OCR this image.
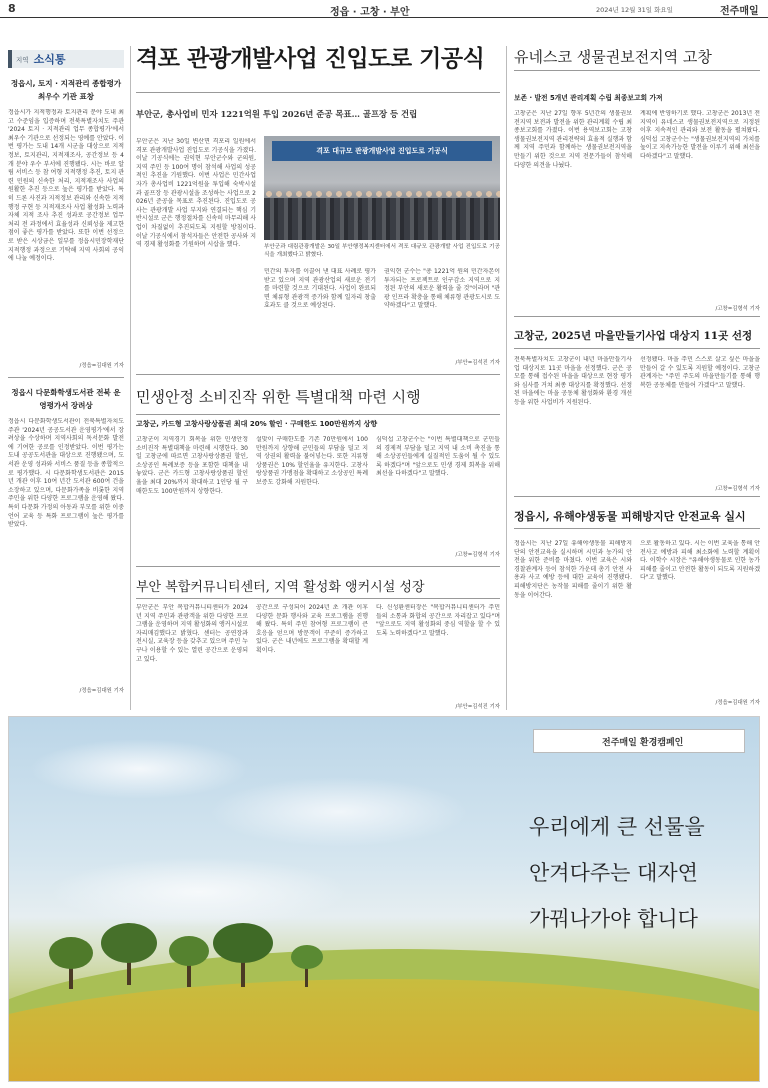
8	정읍 · 고창 · 부안	2024년 12월 31일 화요일	전주매일
지역 소식통
정읍시, 토지 · 지적관리 종합평가 최우수 기관 표창
정읍시가 지적행정과 토지관리 분야 도내 최고 수준임을 입증하며 전북특별자치도 주관 '2024 토지 · 지적관리 업무 종합평가'에서 최우수 기관으로 선정되는 영예를 안았다. 이번 평가는 도내 14개 시군을 대상으로 지적 정보, 토지관리, 지적재조사, 공간정보 등 4개 분야 우수 부서에 진행됐다. 시는 바로 알림 서비스 등 참 여형 지적행정 추진, 토지 관련 민원의 신속한 처리, 지적재조사 사업의 원활한 추진 등으로 높은 평가를 받았다. 특히 드론 사진과 지적정보 관리와 신속한 지적행정 구현 등 지적재조사 사업 활성화 노력과 자체 지적 조사 추진 성과로 공간정보 업무 처리 전 과정에서 효율성과 신뢰성을 제고한 점이 좋은 평가를 받았다. 또한 이번 선정으로 받은 시상금은 일부를 정읍시민장학재단 지적행정 과정으로 기탁해 지역 사회의 공익에 나눌 예정이다.
/정읍=김대원 기자
정읍시 다문화학생도서관 전북 운영평가서 장려상
정읍시 다문화학생도서관이 전북특별자치도 주관 '2024년 공공도서관 운영평가'에서 장려상을 수상하며 지역사회의 독서문화 발전에 기여한 공로를 인정받았다. 이번 평가는 도내 공공도서관을 대상으로 진행됐으며, 도서관 운영 성과와 서비스 품질 등을 종합적으로 평가했다. 시 다문화학생도서관은 2015년 개관 이후 10여 년간 도서관 600여 건을 소장하고 있으며, 다문화가족을 비롯한 지역 주민을 위한 다양한 프로그램을 운영해 왔다. 특히 다문화 가정의 아동과 부모를 위한 이중언어 교육 등 특화 프로그램이 높은 평가를 받았다.
/정읍=김대원 기자
격포 관광개발사업 진입도로 기공식
부안군, 총사업비 민자 1221억원 투입 2026년 준공 목표… 골프장 등 건립
부안군은 지난 30일 변산면 격포리 일원에서 격포 관광개발사업 진입도로 기공식을 가졌다. 이날 기공식에는 권익현 부안군수와 군의원, 지역 주민 등 100여 명이 참석해 사업의 성공적인 추진을 기원했다. 이번 사업은 민간사업자가 총사업비 1221억원을 투입해 숙박시설과 골프장 등 관광시설을 조성하는 사업으로 2026년 준공을 목표로 추진된다. 진입도로 공사는 관광개발 사업 부지와 연결되는 핵심 기반시설로 군은 행정절차를 신속히 마무리해 사업이 차질없이 추진되도록 지원할 방침이다. 이날 기공식에서 참석자들은 안전한 공사와 지역 경제 활성화를 기원하며 시삽을 했다.
격포 대규모 관광개발사업 진입도로 기공식
부안군과 대림관광개발은 30일 부안행정복지센터에서 격포 대규모 관광개발 사업 진입도로 기공식을 개최했다고 밝혔다.
민간의 투자를 이끌어 낸 대표 사례로 평가받고 있으며 지역 관광산업의 새로운 전기를 마련할 것으로 기대된다. 사업이 완료되면 체류형 관광객 증가와 함께 일자리 창출 효과도 클 것으로 예상된다.
권익현 군수는 "총 1221억 원의 민간자본이 투자되는 프로젝트로 인구감소 지역으로 지정된 부안의 새로운 활력을 줄 것"이라며 "관광 인프라 확충을 통해 체류형 관광도시로 도약하겠다"고 말했다.
/부안=김석진 기자
민생안정 소비진작 위한 특별대책 마련 시행
고창군, 카드형 고창사랑상품권 최대 20% 할인 · 구매한도 100만원까지 상향
고창군이 지역경기 회복을 위한 민생안정 소비진작 특별대책을 마련해 시행한다. 30일 고창군에 따르면 고창사랑상품권 할인, 소상공인 특례보증 등을 포함한 대책을 내놓았다. 군은 카드형 고창사랑상품권 할인율을 최대 20%까지 확대하고 1인당 월 구매한도도 100만원까지 상향한다.
설맞이 구매한도를 기존 70만원에서 100만원까지 상향해 군민들의 부담을 덜고 지역 상권의 활력을 불어넣는다. 또한 지류형 상품권은 10% 할인율을 유지한다. 고창사랑상품권 가맹점을 확대하고 소상공인 특례보증도 강화해 지원한다.
심덕섭 고창군수는 "이번 특별대책으로 군민들의 경제적 부담을 덜고 지역 내 소비 촉진을 통해 소상공인들에게 실질적인 도움이 될 수 있도록 하겠다"며 "앞으로도 민생 경제 회복을 위해 최선을 다하겠다"고 말했다.
/고창=김형석 기자
부안 복합커뮤니티센터, 지역 활성화 앵커시설 성장
부안군은 부안 복합커뮤니티센터가 2024년 지역 주민과 관광객을 위한 다양한 프로그램을 운영하며 지역 활성화의 앵커시설로 자리매김했다고 밝혔다. 센터는 공연장과 전시실, 교육장 등을 갖추고 있으며 주민 누구나 이용할 수 있는 열린 공간으로 운영되고 있다.
공간으로 구성되어 2024년 초 개관 이후 다양한 문화 행사와 교육 프로그램을 진행해 왔다. 특히 주민 참여형 프로그램이 큰 호응을 얻으며 방문객이 꾸준히 증가하고 있다. 군은 내년에도 프로그램을 확대할 계획이다.
다. 신성환센터장은 "복합커뮤니티센터가 주민들의 소통과 화합의 공간으로 자리잡고 있다"며 "앞으로도 지역 활성화의 중심 역할을 할 수 있도록 노력하겠다"고 말했다.
/부안=김석진 기자
유네스코 생물권보전지역 고창
보존 · 발전 5개년 관리계획 수립 최종보고회 가져
고창군은 지난 27일 향후 5년간의 생물권보전지역 보전과 발전을 위한 관리계획 수립 최종보고회를 가졌다. 이번 용역보고회는 고창생물권보전지역 관리전략의 효율적 실행과 함께 지역 주민과 함께하는 생물권보전지역을 만들기 위한 것으로 지역 전문가들이 참석해 다양한 의견을 나눴다.
계획에 반영하기로 했다. 고창군은 2013년 전 지역이 유네스코 생물권보전지역으로 지정된 이후 지속적인 관리와 보전 활동을 펼쳐왔다. 심덕섭 고창군수는 "생물권보전지역의 가치를 높이고 지속가능한 발전을 이루기 위해 최선을 다하겠다"고 말했다.
/고창=김형석 기자
고창군, 2025년 마을만들기사업 대상지 11곳 선정
전북특별자치도 고창군이 내년 마을만들기사업 대상지로 11곳 마을을 선정했다. 군은 공모를 통해 접수된 마을을 대상으로 현장 평가와 심사를 거쳐 최종 대상지를 확정했다. 선정된 마을에는 마을 공동체 활성화와 환경 개선 등을 위한 사업비가 지원된다.
선정됐다. 마을 주민 스스로 살고 싶은 마을을 만들어 갈 수 있도록 지원할 예정이다. 고창군 관계자는 "주민 주도의 마을만들기를 통해 행복한 공동체를 만들어 가겠다"고 말했다.
/고창=김형석 기자
정읍시, 유해야생동물 피해방지단 안전교육 실시
정읍시는 지난 27일 유해야생동물 피해방지단의 안전교육을 실시하며 시민과 농가의 안전을 위한 준비를 마쳤다. 이번 교육은 시와 경찰관계자 등이 참석한 가운데 총기 안전 사용과 사고 예방 등에 대한 교육이 진행됐다. 피해방지단은 농작물 피해를 줄이기 위한 활동을 이어간다.
으로 활동하고 있다. 시는 이번 교육을 통해 안전사고 예방과 피해 최소화에 노력할 계획이다. 이학수 시장은 "유해야생동물로 인한 농가 피해를 줄이고 안전한 활동이 되도록 지원하겠다"고 말했다.
/정읍=김대원 기자
전주매일 환경캠페인
우리에게 큰 선물을
안겨다주는 대자연
가꿔나가야 합니다
